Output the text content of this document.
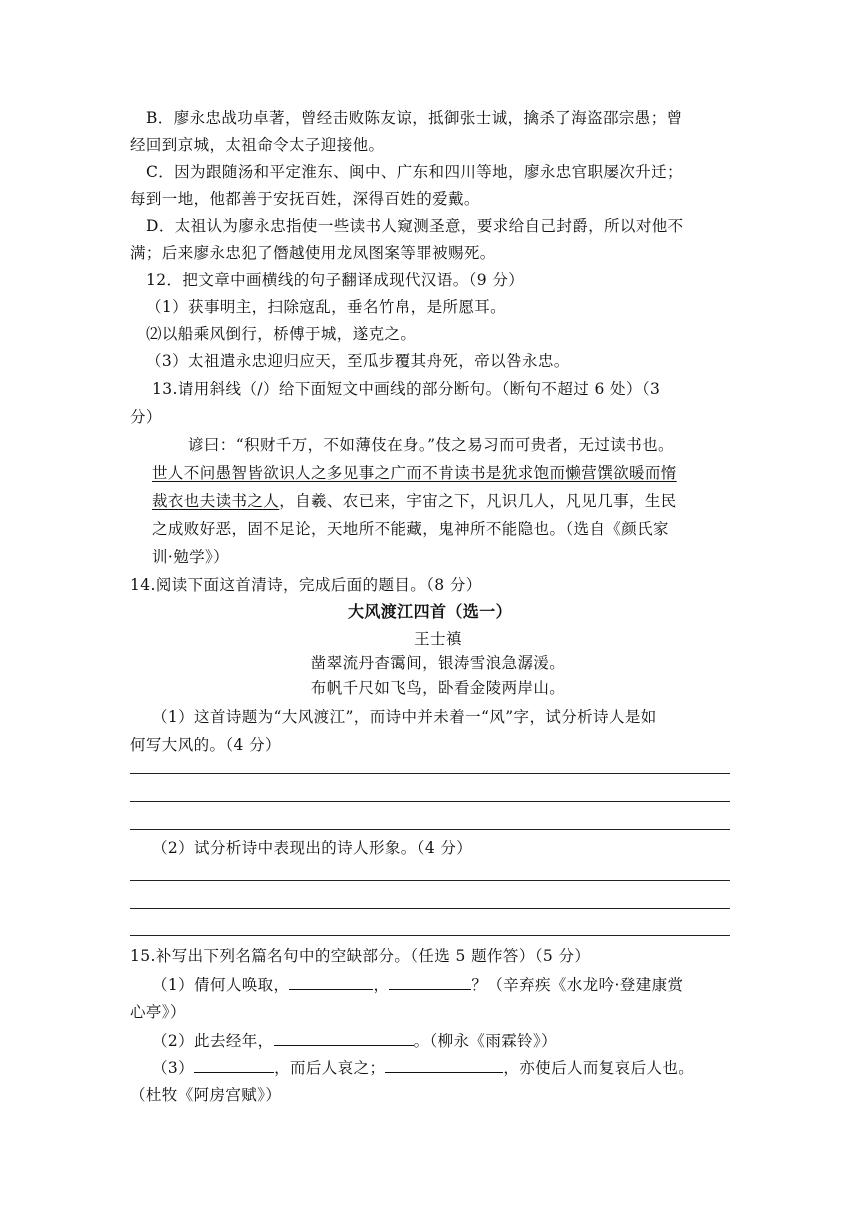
B．廖永忠战功卓著，曾经击败陈友谅，抵御张士诚，擒杀了海盗邵宗愚；曾
经回到京城，太祖命令太子迎接他。
C．因为跟随汤和平定淮东、闽中、广东和四川等地，廖永忠官职屡次升迁；
每到一地，他都善于安抚百姓，深得百姓的爱戴。
D．太祖认为廖永忠指使一些读书人窥测圣意，要求给自己封爵，所以对他不
满；后来廖永忠犯了僭越使用龙凤图案等罪被赐死。
12．把文章中画横线的句子翻译成现代汉语。（9 分）
（1）获事明主，扫除寇乱，垂名竹帛，是所愿耳。
⑵以船乘风倒行，桥傅于城，遂克之。
（3）太祖遣永忠迎归应天，至瓜步覆其舟死，帝以咎永忠。
13.请用斜线（/）给下面短文中画线的部分断句。（断句不超过 6 处）（3
分）
谚曰：“积财千万，不如薄伎在身。”伎之易习而可贵者，无过读书也。
世人不问愚智皆欲识人之多见事之广而不肯读书是犹求饱而懒营馔欲暖而惰
裁衣也夫读书之人，自羲、农已来，宇宙之下，凡识几人，凡见几事，生民
之成败好恶，固不足论，天地所不能藏，鬼神所不能隐也。（选自《颜氏家
训·勉学》）
14.阅读下面这首清诗，完成后面的题目。（8 分）
大风渡江四首（选一）
王士禛
凿翠流丹杳霭间，银涛雪浪急潺湲。
布帆千尺如飞鸟，卧看金陵两岸山。
（1）这首诗题为“大风渡江”，而诗中并未着一“风”字，试分析诗人是如
何写大风的。（4 分）
（2）试分析诗中表现出的诗人形象。（4 分）
15.补写出下列名篇名句中的空缺部分。（任选 5 题作答）（5 分）
（1）倩何人唤取，	，	？（辛弃疾《水龙吟·登建康赏
心亭》）
（2）此去经年，	。（柳永《雨霖铃》）
（3）	，而后人哀之；	，亦使后人而复哀后人也。
（杜牧《阿房宫赋》）
